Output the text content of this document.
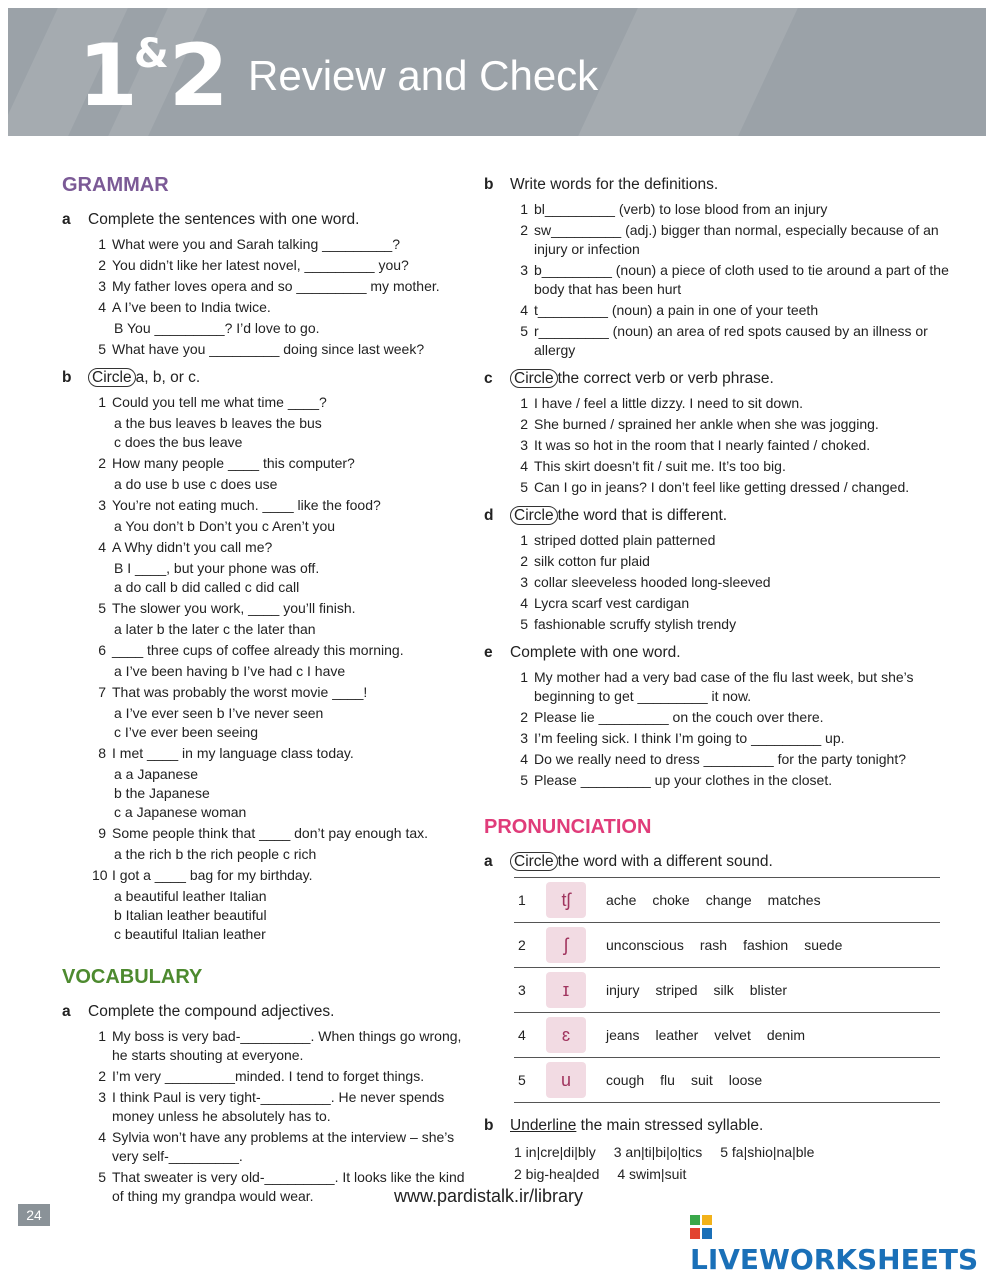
1&2 Review and Check
GRAMMAR
a Complete the sentences with one word.
1 What were you and Sarah talking _________?
2 You didn’t like her latest novel, _________ you?
3 My father loves opera and so _________ my mother.
4 A I’ve been to India twice.
B You _________? I’d love to go.
5 What have you _________ doing since last week?
b Circle a, b, or c.
1 Could you tell me what time ____?
a the bus leaves b leaves the bus
c does the bus leave
2 How many people ____ this computer?
a do use b use c does use
3 You’re not eating much. ____ like the food?
a You don’t b Don’t you c Aren’t you
4 A Why didn’t you call me?
B I ____, but your phone was off.
a do call b did called c did call
5 The slower you work, ____ you’ll finish.
a later b the later c the later than
6 ____ three cups of coffee already this morning.
a I’ve been having b I’ve had c I have
7 That was probably the worst movie ____!
a I’ve ever seen b I’ve never seen
c I’ve ever been seeing
8 I met ____ in my language class today.
a a Japanese
b the Japanese
c a Japanese woman
9 Some people think that ____ don’t pay enough tax.
a the rich b the rich people c rich
10 I got a ____ bag for my birthday.
a beautiful leather Italian
b Italian leather beautiful
c beautiful Italian leather
VOCABULARY
a Complete the compound adjectives.
1 My boss is very bad-_________. When things go wrong, he starts shouting at everyone.
2 I’m very _________minded. I tend to forget things.
3 I think Paul is very tight-_________. He never spends money unless he absolutely has to.
4 Sylvia won’t have any problems at the interview – she’s very self-_________.
5 That sweater is very old-_________. It looks like the kind of thing my grandpa would wear.
b Write words for the definitions.
1 bl_________ (verb) to lose blood from an injury
2 sw_________ (adj.) bigger than normal, especially because of an injury or infection
3 b_________ (noun) a piece of cloth used to tie around a part of the body that has been hurt
4 t_________ (noun) a pain in one of your teeth
5 r_________ (noun) an area of red spots caused by an illness or allergy
c Circle the correct verb or verb phrase.
1 I have / feel a little dizzy. I need to sit down.
2 She burned / sprained her ankle when she was jogging.
3 It was so hot in the room that I nearly fainted / choked.
4 This skirt doesn’t fit / suit me. It’s too big.
5 Can I go in jeans? I don’t feel like getting dressed / changed.
d Circle the word that is different.
1 striped dotted plain patterned
2 silk cotton fur plaid
3 collar sleeveless hooded long-sleeved
4 Lycra scarf vest cardigan
5 fashionable scruffy stylish trendy
e Complete with one word.
1 My mother had a very bad case of the flu last week, but she’s beginning to get _________ it now.
2 Please lie _________ on the couch over there.
3 I’m feeling sick. I think I’m going to _________ up.
4 Do we really need to dress _________ for the party tonight?
5 Please _________ up your clothes in the closet.
PRONUNCIATION
a Circle the word with a different sound.
1	tʃ	ache choke change matches
2	ʃ	unconscious rash fashion suede
3	ɪ	injury striped silk blister
4	ɛ	jeans leather velvet denim
5	u	cough flu suit loose
b Underline the main stressed syllable.
1 in|cre|di|bly 3 an|ti|bi|o|tics 5 fa|shio|na|ble
2 big-hea|ded 4 swim|suit
www.pardistalk.ir/library
24
LIVEWORKSHEETS
